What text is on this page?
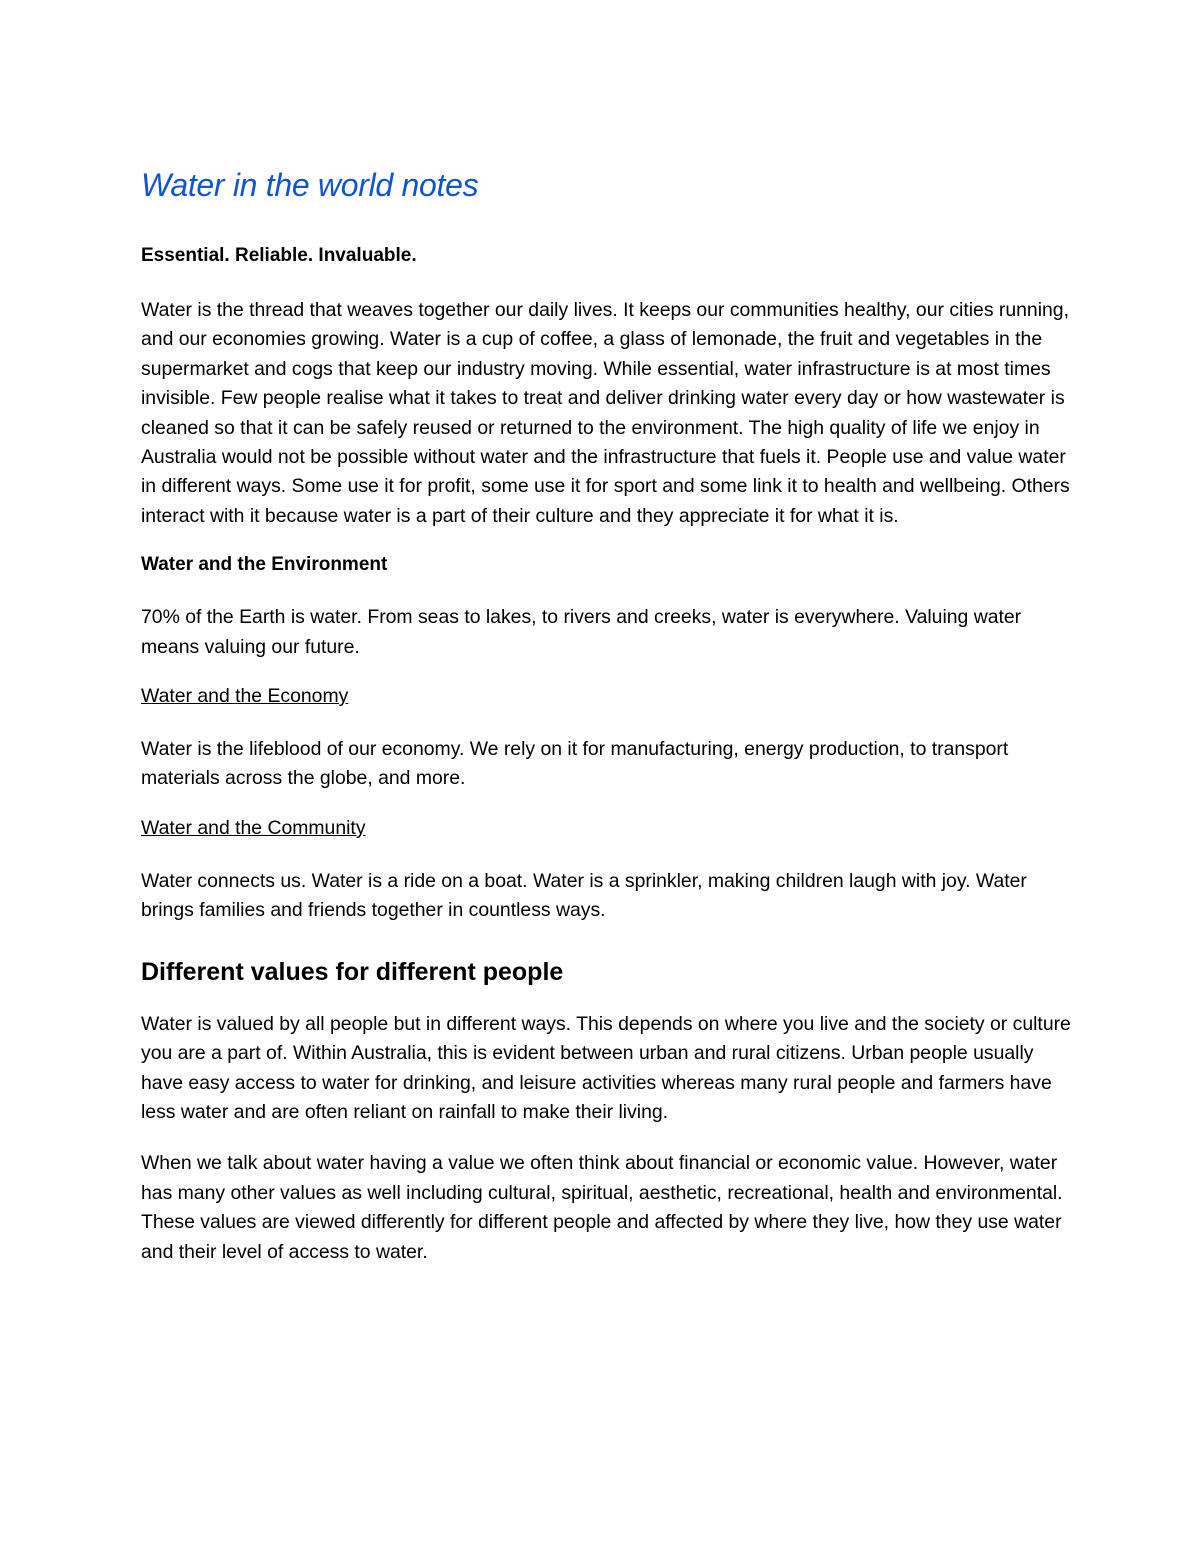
Water in the world notes

Essential. Reliable. Invaluable.

Water is the thread that weaves together our daily lives. It keeps our communities healthy, our cities running, and our economies growing. Water is a cup of coffee, a glass of lemonade, the fruit and vegetables in the supermarket and cogs that keep our industry moving. While essential, water infrastructure is at most times invisible. Few people realise what it takes to treat and deliver drinking water every day or how wastewater is cleaned so that it can be safely reused or returned to the environment. The high quality of life we enjoy in Australia would not be possible without water and the infrastructure that fuels it. People use and value water in different ways. Some use it for profit, some use it for sport and some link it to health and wellbeing. Others interact with it because water is a part of their culture and they appreciate it for what it is.

Water and the Environment

70% of the Earth is water. From seas to lakes, to rivers and creeks, water is everywhere. Valuing water means valuing our future.

Water and the Economy

Water is the lifeblood of our economy. We rely on it for manufacturing, energy production, to transport materials across the globe, and more.

Water and the Community

Water connects us. Water is a ride on a boat. Water is a sprinkler, making children laugh with joy. Water brings families and friends together in countless ways.

Different values for different people

Water is valued by all people but in different ways. This depends on where you live and the society or culture you are a part of. Within Australia, this is evident between urban and rural citizens. Urban people usually have easy access to water for drinking, and leisure activities whereas many rural people and farmers have less water and are often reliant on rainfall to make their living.

When we talk about water having a value we often think about financial or economic value. However, water has many other values as well including cultural, spiritual, aesthetic, recreational, health and environmental. These values are viewed differently for different people and affected by where they live, how they use water and their level of access to water.
